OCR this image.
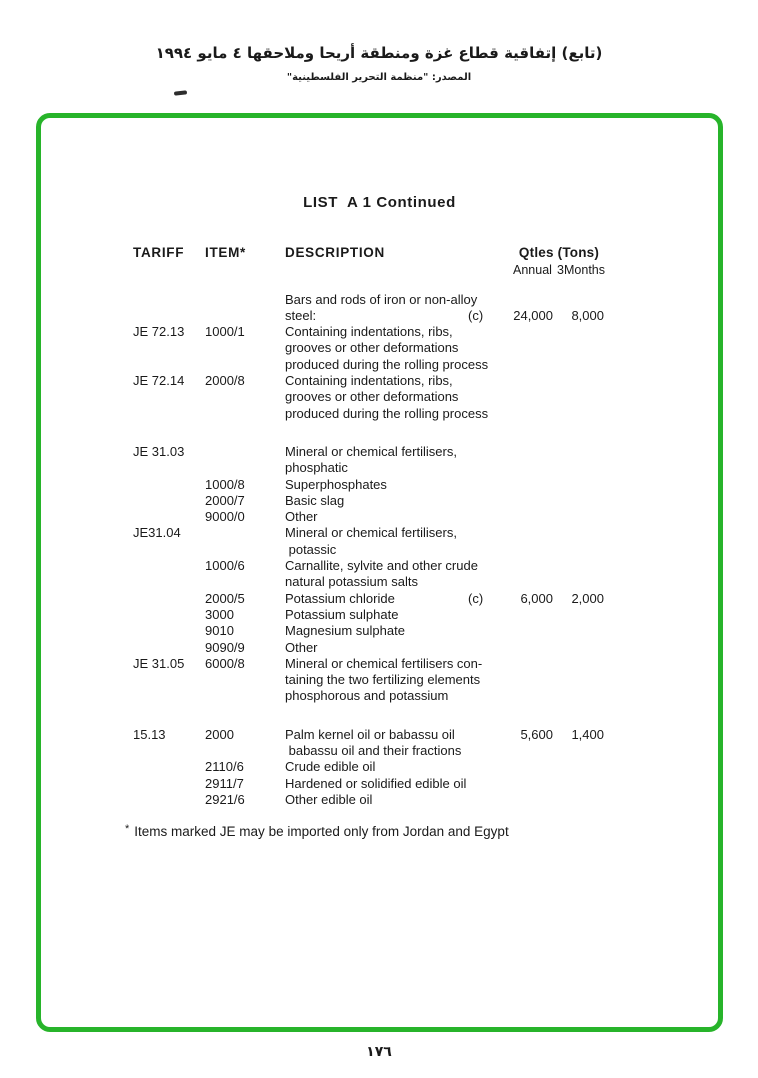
(تابع) إتفاقية قطاع غزة ومنطقة أريحا وملاحقها ٤ مايو ١٩٩٤
المصدر: "منظمة التحرير الفلسطينية"
LIST  A 1 Continued
TARIFF	ITEM*	DESCRIPTION	Qtles (Tons)	
			Annual	3Months
		Bars and rods of iron or non-alloy

		steel: (c)	24,000	8,000
JE 72.13	1000/1	Containing indentations, ribs,

		grooves or other deformations

		produced during the rolling process

JE 72.14	2000/8	Containing indentations, ribs,

		grooves or other deformations

		produced during the rolling process

JE 31.03		Mineral or chemical fertilisers,

		phosphatic

	1000/8	Superphosphates

	2000/7	Basic slag

	9000/0	Other

JE31.04		Mineral or chemical fertilisers,

		potassic

	1000/6	Carnallite, sylvite and other crude

		natural potassium salts

	2000/5	Potassium chloride (c)	6,000	2,000
	3000	Potassium sulphate

	9010	Magnesium sulphate

	9090/9	Other

JE 31.05	6000/8	Mineral or chemical fertilisers con-

		taining the two fertilizing elements

		phosphorous and potassium

15.13	2000	Palm kernel oil or babassu oil	5,600	1,400
		babassu oil and their fractions

	2110/6	Crude edible oil

	2911/7	Hardened or solidified edible oil

	2921/6	Other edible oil

* Items marked JE may be imported only from Jordan and Egypt
١٧٦
